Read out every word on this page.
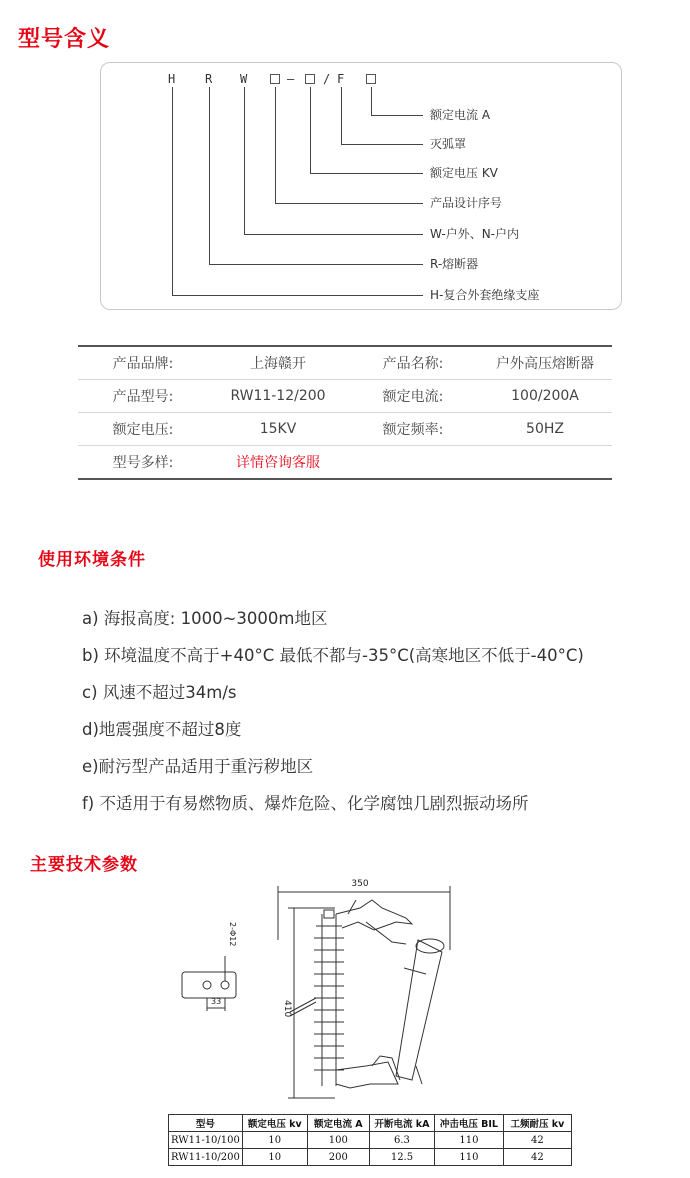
型号含义
H R W	– / F
额定电流 A
灭弧罩
额定电压 KV
产品设计序号
W-户外、N-户内
R-熔断器
H-复合外套绝缘支座
产品品牌:	上海赣开	产品名称:	户外高压熔断器
产品型号:	RW11-12/200	额定电流:	100/200A
额定电压:	15KV	额定频率:	50HZ
型号多样:	详情咨询客服		
使用环境条件
a) 海报高度: 1000~3000m地区
b) 环境温度不高于+40°C 最低不都与-35°C(高寒地区不低于-40°C)
c) 风速不超过34m/s
d)地震强度不超过8度
e)耐污型产品适用于重污秽地区
f) 不适用于有易燃物质、爆炸危险、化学腐蚀几剧烈振动场所
主要技术参数
350
410
2-Φ12
33
型号	额定电压 kv	额定电流 A	开断电流 kA	冲击电压 BIL	工频耐压 kv
RW11-10/100	10	100	6.3	110	42
RW11-10/200	10	200	12.5	110	42
